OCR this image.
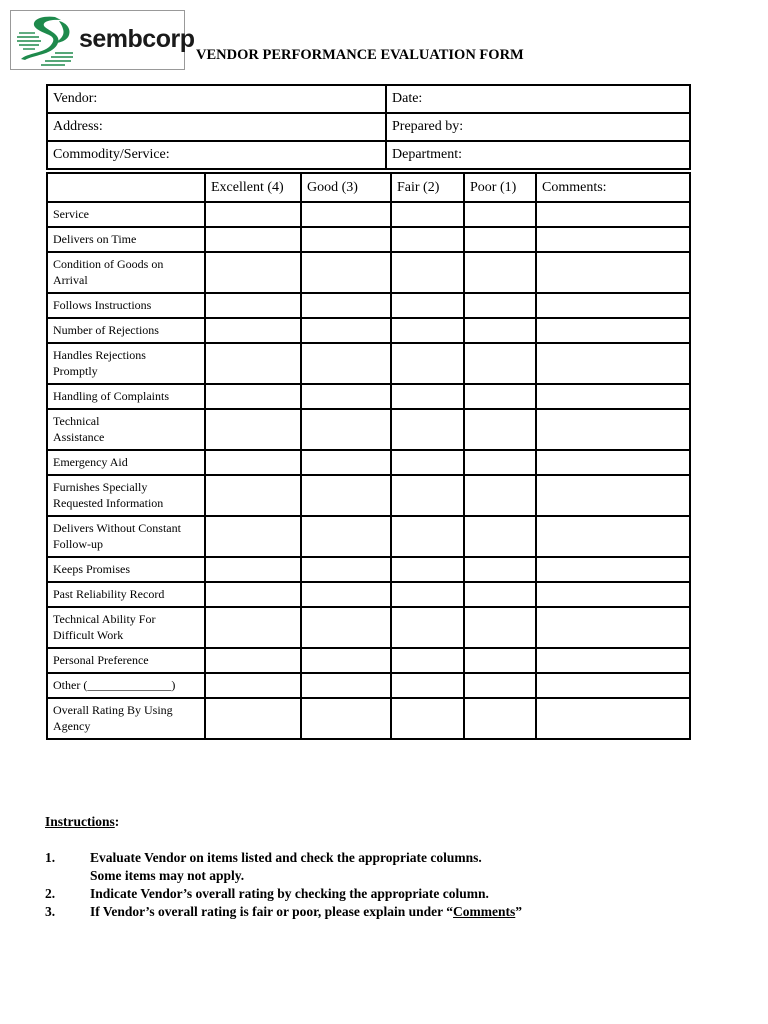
sembcorp
VENDOR PERFORMANCE EVALUATION FORM
Vendor:	Date:
Address:	Prepared by:
Commodity/Service:	Department:
	Excellent (4)	Good (3)	Fair (2)	Poor (1)	Comments:

Service					

Delivers on Time					

Condition of Goods on
Arrival					

Follows Instructions					

Number of Rejections					

Handles Rejections
Promptly					

Handling of Complaints					

Technical
Assistance					

Emergency Aid					

Furnishes Specially
Requested Information					

Delivers Without Constant
Follow-up					

Keeps Promises					

Past Reliability Record					

Technical Ability For
Difficult Work					

Personal Preference					

Other (______________)					

Overall Rating By Using
Agency					

Instructions:
1.	Evaluate Vendor on items listed and check the appropriate columns.
Some items may not apply.
2.	Indicate Vendor’s overall rating by checking the appropriate column.
3.	If Vendor’s overall rating is fair or poor, please explain under “Comments”
